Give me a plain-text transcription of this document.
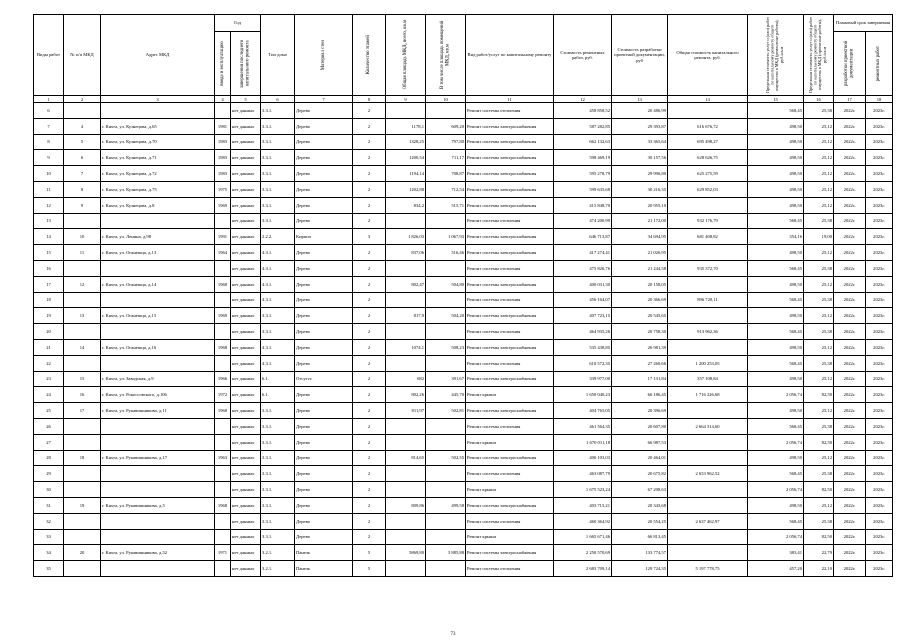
Виды работ	№ п/п МКД	Адрес МКД	Год		Тип дома	Материал стен	Количество этажей	Общая площадь МКД, всего, кв.м	В том числе площадь помещений МКД, кв.м	Вид работ/услуг по капитальному ремонту	Стоимость ремонтных работ, руб.	Стоимость разработки проектной документации, руб	Общая стоимость капитального ремонта, руб.	Предельная стоимость услуг и (или) работ по капитальному ремонту общего имущества в МКД (ремонтные работы), руб./кв.м	Предельная стоимость услуг и (или) работ по капитальному ремонту общего имущества в МКД (проектные работы), руб./кв.м	Плановый срок завершения	

			ввода в эксплуатацию	завершения последнего капитального ремонта												разработки проектной документации	ремонтных работ

1	2	3	4	5	6	7	8	9	10	11	12	13	14	15	16	17	18
6				нет данных	3.3.1.	Дерево	2			Ремонт системы отопления	458 858,52	20 486,99		568,45	25,38	2022г.	2023г.
7	4	г. Кяхта, ул. Кузнецова, д.65	1981	нет данных	3.3.1.	Дерево	2	1178,1	609,20	Ремонт системы электроснабжения	587 282,85	29 393,87	616 676,72	498,50	25,12	2022г.	2023г.
8	5	г. Кяхта, ул. Кузнецова, д.70	1983	нет данных	3.3.1.	Дерево	2	1328,25	797,80	Ремонт системы электроснабжения	662 132,63	33 365,64	695 498,27	498,50	25,12	2022г.	2023г.
9	6	г. Кяхта, ул. Кузнецова, д.71	1983	нет данных	3.3.1.	Дерево	2	1200,54	711,17	Ремонт системы электроснабжения	598 469,19	30 157,56	628 626,75	498,50	25,12	2022г.	2023г.
10	7	г. Кяхта, ул. Кузнецова, д.72	1983	нет данных	3.3.1.	Дерево	2	1194,14	708,87	Ремонт системы электроснабжения	595 278,79	29 996,80	625 275,59	498,50	25,12	2022г.	2023г.
11	8	г. Кяхта, ул. Кузнецова, д.75	1975	нет данных	3.3.1.	Дерево	2	1202,88	712,54	Ремонт системы электроснабжения	599 635,68	30 216,35	629 852,03	498,50	25,12	2022г.	2023г.
12	9	г. Кяхта, ул. Кузнецова, д.8	1969	нет данных	3.3.1.	Дерево	2	834,2	515,71	Ремонт системы электроснабжения	415 848,70	20 955,10		498,50	25,12	2022г.	2023г.
13				нет данных	3.3.1.	Дерево	2			Ремонт системы отопления	474 200,99	21 172,00	932 176,79	568,45	25,38	2022г.	2023г.
14	10	г. Кяхта, ул. Ленина, д.98	1991	нет данных	2.2.2.	Кирпич	3	1 826,03	1 067,93	Ремонт системы электроснабжения	646 713,87	34 694,95	681 408,82	354,16	19,00	2022г.	2023г.
15	11	г. Кяхта, ул. Оганешца, д.13	1964	нет данных	4.3.1.	Дерево	2	837,06	516,46	Ремонт системы электроснабжения	417 274,41	21 026,95		498,50	25,12	2022г.	2023г.
16				нет данных	4.3.1.	Дерево	2			Ремонт системы отопления	475 826,76	21 244,58	935 372,70	568,45	25,38	2022г.	2023г.
17	12	г. Кяхта, ул. Оганешца, д.14	1968	нет данных	4.3.1.	Дерево	2	802,47	504,80	Ремонт системы электроснабжения	400 031,30	20 158,05		498,50	25,12	2022г.	2023г.
18				нет данных	4.3.1.	Дерево	2			Ремонт системы отопления	456 164,07	20 366,69	896 720,11	568,45	25,38	2022г.	2023г.
19	13	г. Кяхта, ул. Оганешца, д.15	1969	нет данных	3.3.1.	Дерево	2	817,9	504,20	Ремонт системы электроснабжения	407 723,15	20 545,65		498,50	25,12	2022г.	2023г.
20				нет данных	3.3.1.	Дерево	2			Ремонт системы отопления	464 935,26	20 758,30	913 962,36	568,45	25,38	2022г.	2023г.
21	14	г. Кяхта, ул. Оганешца, д.16	1968	нет данных	4.3.1.	Дерево	2	1074,1	508,23	Ремонт системы электроснабжения	535 438,85	26 981,39		498,50	25,12	2022г.	2023г.
22				нет данных	4.3.1.	Дерево	2			Ремонт системы отопления	610 572,35	27 260,66	1 200 253,05	568,45	25,38	2022г.	2023г.
23	15	г. Кяхта, ул. Заводская, д.9	1966	нет данных	6.1.	Отсутст.	2	682	391,67	Ремонт системы электроснабжения	339 977,00	17 131,84	357 108,84	498,50	25,12	2022г.	2023г.
24	16	г. Кяхта, ул. Рокоссовского, д.106	1972	нет данных	6.1.	Дерево	2	802,26	445,70	Ремонт крыши	1 650 040,23	66 186,45	1 716 226,68	2 056,74	82,50	2022г.	2023г.
25	17	г. Кяхта, ул. Рукавишникова, д.11	1968	нет данных	3.3.1.	Дерево	2	811,97	502,81	Ремонт системы электроснабжения	404 765,05	20 396,69		498,50	25,12	2022г.	2023г.
26				нет данных	3.3.1.	Дерево	2			Ремонт системы отопления	461 564,35	20 607,80	2 664 314,60	568,45	25,38	2022г.	2023г.
27				нет данных	3.3.1.	Дерево	2			Ремонт крыши	1 670 011,18	66 987,53		2 056,74	82,50	2022г.	2023г.
28	18	г. Кяхта, ул. Рукавишникова, д.17	1963	нет данных	3.3.1.	Дерево	2	814,65	502,55	Ремонт системы электроснабжения	406 103,03	20 464,01		498,50	25,12	2022г.	2023г.
29				нет данных	3.3.1.	Дерево	2			Ремонт системы отопления	463 087,79	20 675,82	2 653 962,52	568,45	25,38	2022г.	2023г.
30				нет данных	3.3.1.	Дерево	2			Ремонт крыши	1 675 523,24	67 208,63		2 056,74	82,50	2022г.	2023г.
31	19	г. Кяхта, ул. Рукавишникова, д.5	1968	нет данных	3.3.1.	Дерево	2	809,86	499,58	Ремонт системы электроснабжения	403 715,21	20 343,68		498,50	25,12	2022г.	2023г.
32				нет данных	3.3.1.	Дерево	2			Ремонт системы отопления	460 364,92	20 554,25	2 637 462,97	568,45	25,38	2022г.	2023г.
33				нет данных	3.3.1.	Дерево	2			Ремонт крыши	1 665 671,46	66 813,45		2 056,74	82,50	2022г.	2023г.
34	20	г. Кяхта, ул. Рукавишникова, д.52	1971	нет данных	3.2.1.	Панель	5	5869,80	3 885,88	Ремонт системы электроснабжения	2 250 570,69	133 774,57		383,41	22,79	2022г.	2023г.
35				нет данных	3.2.1.	Панель	5			Ремонт системы отопления	2 683 709,14	129 724,35	5 197 778,75	457,20	22,10	2022г.	2023г.
73
